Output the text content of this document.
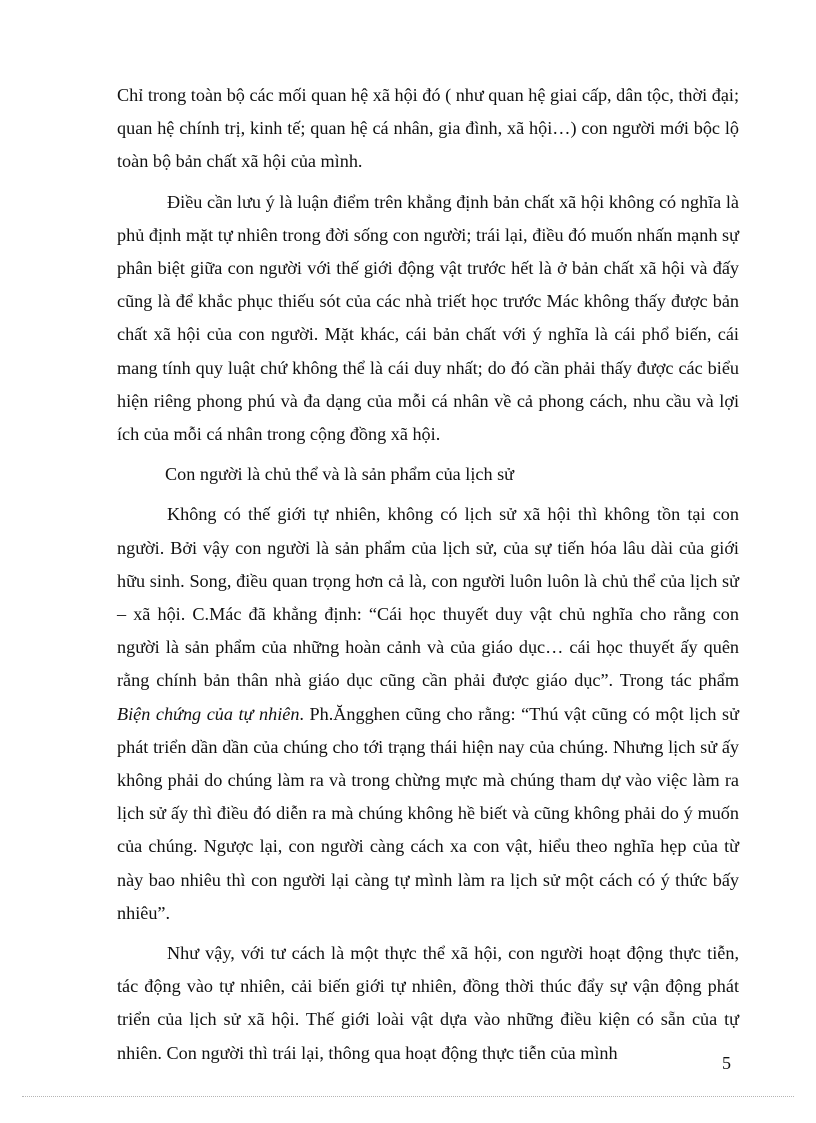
Chỉ trong toàn bộ các mối quan hệ xã hội đó ( như quan hệ giai cấp, dân tộc, thời đại; quan hệ chính trị, kinh tế; quan hệ cá nhân, gia đình, xã hội…) con người mới bộc lộ toàn bộ bản chất xã hội của mình.

Điều cần lưu ý là luận điểm trên khẳng định bản chất xã hội không có nghĩa là phủ định mặt tự nhiên trong đời sống con người; trái lại, điều đó muốn nhấn mạnh sự phân biệt giữa con người với thế giới động vật trước hết là ở bản chất xã hội và đấy cũng là để khắc phục thiếu sót của các nhà triết học trước Mác không thấy được bản chất xã hội của con người. Mặt khác, cái bản chất với ý nghĩa là cái phổ biến, cái mang tính quy luật chứ không thể là cái duy nhất; do đó cần phải thấy được các biểu hiện riêng phong phú và đa dạng của mỗi cá nhân về cả phong cách, nhu cầu và lợi ích của mỗi cá nhân trong cộng đồng xã hội.

Con người là chủ thể và là sản phẩm của lịch sử

Không có thế giới tự nhiên, không có lịch sử xã hội thì không tồn tại con người. Bởi vậy con người là sản phẩm của lịch sử, của sự tiến hóa lâu dài của giới hữu sinh. Song, điều quan trọng hơn cả là, con người luôn luôn là chủ thể của lịch sử – xã hội. C.Mác đã khẳng định: “Cái học thuyết duy vật chủ nghĩa cho rằng con người là sản phẩm của những hoàn cảnh và của giáo dục… cái học thuyết ấy quên rằng chính bản thân nhà giáo dục cũng cần phải được giáo dục”. Trong tác phẩm Biện chứng của tự nhiên. Ph.Ăngghen cũng cho rằng: “Thú vật cũng có một lịch sử phát triển dần dần của chúng cho tới trạng thái hiện nay của chúng. Nhưng lịch sử ấy không phải do chúng làm ra và trong chừng mực mà chúng tham dự vào việc làm ra lịch sử ấy thì điều đó diễn ra mà chúng không hề biết và cũng không phải do ý muốn của chúng. Ngược lại, con người càng cách xa con vật, hiểu theo nghĩa hẹp của từ này bao nhiêu thì con người lại càng tự mình làm ra lịch sử một cách có ý thức bấy nhiêu”.

Như vậy, với tư cách là một thực thể xã hội, con người hoạt động thực tiễn, tác động vào tự nhiên, cải biến giới tự nhiên, đồng thời thúc đẩy sự vận động phát triển của lịch sử xã hội. Thế giới loài vật dựa vào những điều kiện có sẵn của tự nhiên. Con người thì trái lại, thông qua hoạt động thực tiễn của mình

5
